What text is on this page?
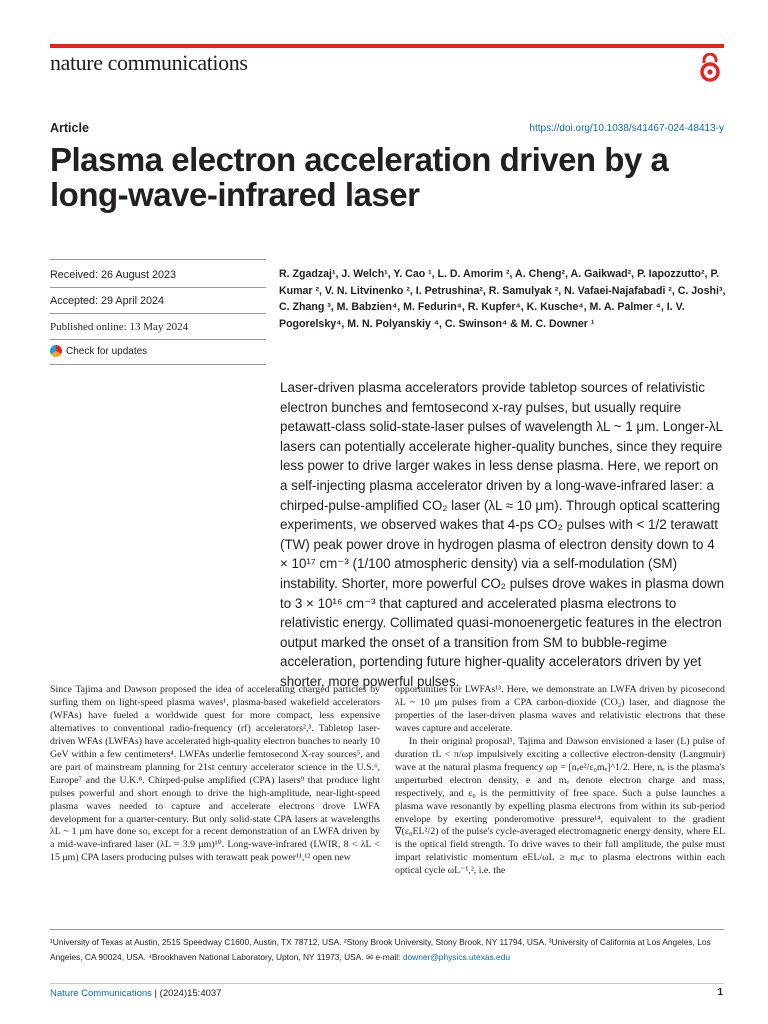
nature communications
Article	https://doi.org/10.1038/s41467-024-48413-y
Plasma electron acceleration driven by a long-wave-infrared laser
Received: 26 August 2023
Accepted: 29 April 2024
Published online: 13 May 2024
Check for updates
R. Zgadzaj¹, J. Welch¹, Y. Cao ¹, L. D. Amorim ², A. Cheng², A. Gaikwad², P. Iapozzutto², P. Kumar ², V. N. Litvinenko ², I. Petrushina², R. Samulyak ², N. Vafaei-Najafabadi ², C. Joshi³, C. Zhang ³, M. Babzien⁴, M. Fedurin⁴, R. Kupfer⁴, K. Kusche⁴, M. A. Palmer ⁴, I. V. Pogorelsky⁴, M. N. Polyanskiy ⁴, C. Swinson⁴ & M. C. Downer ¹
Laser-driven plasma accelerators provide tabletop sources of relativistic electron bunches and femtosecond x-ray pulses, but usually require petawatt-class solid-state-laser pulses of wavelength λL ~ 1 μm. Longer-λL lasers can potentially accelerate higher-quality bunches, since they require less power to drive larger wakes in less dense plasma. Here, we report on a self-injecting plasma accelerator driven by a long-wave-infrared laser: a chirped-pulse-amplified CO₂ laser (λL ≈ 10 μm). Through optical scattering experiments, we observed wakes that 4-ps CO₂ pulses with < 1/2 terawatt (TW) peak power drove in hydrogen plasma of electron density down to 4 × 10¹⁷ cm⁻³ (1/100 atmospheric density) via a self-modulation (SM) instability. Shorter, more powerful CO₂ pulses drove wakes in plasma down to 3 × 10¹⁶ cm⁻³ that captured and accelerated plasma electrons to relativistic energy. Collimated quasi-monoenergetic features in the electron output marked the onset of a transition from SM to bubble-regime acceleration, portending future higher-quality accelerators driven by yet shorter, more powerful pulses.

Since Tajima and Dawson proposed the idea of accelerating charged particles by surfing them on light-speed plasma waves¹, plasma-based wakefield accelerators (WFAs) have fueled a worldwide quest for more compact, less expensive alternatives to conventional radio-frequency (rf) accelerators²,³. Tabletop laser-driven WFAs (LWFAs) have accelerated high-quality electron bunches to nearly 10 GeV within a few centimeters⁴. LWFAs underlie femtosecond X-ray sources⁵, and are part of mainstream planning for 21st century accelerator science in the U.S.⁶, Europe⁷ and the U.K.⁸. Chirped-pulse amplified (CPA) lasers⁹ that produce light pulses powerful and short enough to drive the high-amplitude, near-light-speed plasma waves needed to capture and accelerate electrons drove LWFA development for a quarter-century. But only solid-state CPA lasers at wavelengths λL ~ 1 μm have done so, except for a recent demonstration of an LWFA driven by a mid-wave-infrared laser (λL = 3.9 μm)¹⁰. Long-wave-infrared (LWIR, 8 < λL < 15 μm) CPA lasers producing pulses with terawatt peak power¹¹,¹² open new

opportunities for LWFAs¹³. Here, we demonstrate an LWFA driven by picosecond λL ~ 10 μm pulses from a CPA carbon-dioxide (CO₂) laser, and diagnose the properties of the laser-driven plasma waves and relativistic electrons that these waves capture and accelerate.

In their original proposal¹, Tajima and Dawson envisioned a laser (L) pulse of duration τL < π/ωp impulsively exciting a collective electron-density (Langmuir) wave at the natural plasma frequency ωp = [nₑe²/ε₀mₑ]^1/2. Here, nₑ is the plasma's unperturbed electron density, e and mₑ denote electron charge and mass, respectively, and ε₀ is the permittivity of free space. Such a pulse launches a plasma wave resonantly by expelling plasma electrons from within its sub-period envelope by exerting ponderomotive pressure¹⁴, equivalent to the gradient ∇(ε₀EL²/2) of the pulse's cycle-averaged electromagnetic energy density, where EL is the optical field strength. To drive waves to their full amplitude, the pulse must impart relativistic momentum eEL/ωL ≥ mₑc to plasma electrons within each optical cycle ωL⁻¹,², i.e. the

¹University of Texas at Austin, 2515 Speedway C1600, Austin, TX 78712, USA. ²Stony Brook University, Stony Brook, NY 11794, USA. ³University of California at Los Angeles, Los Angeles, CA 90024, USA. ⁴Brookhaven National Laboratory, Upton, NY 11973, USA. ✉ e-mail: downer@physics.utexas.edu
Nature Communications | (2024)15:4037	1
